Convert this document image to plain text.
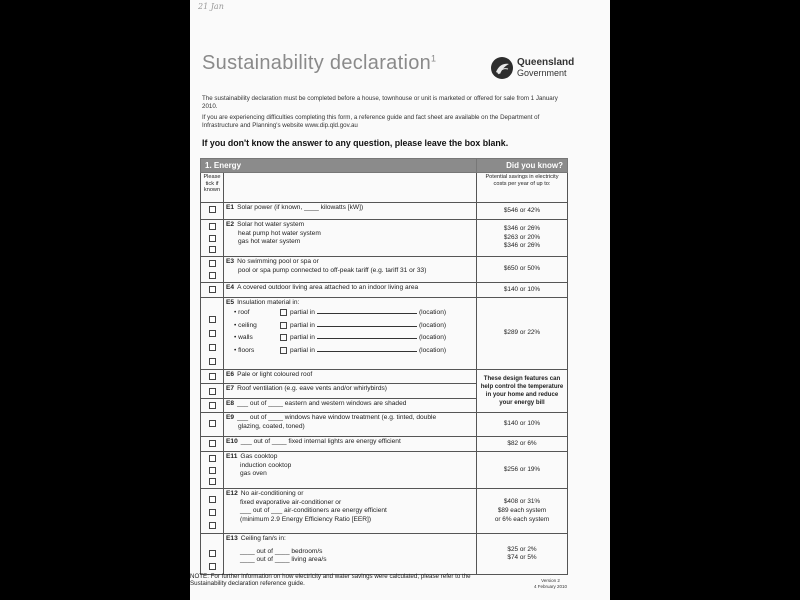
21 Jan
Sustainability declaration$^1$	Queensland
Government

The sustainability declaration must be completed before a house, townhouse or unit is marketed or offered for sale from 1 January 2010.

If you are experiencing difficulties completing this form, a reference guide and fact sheet are available on the Department of Infrastructure and Planning's website www.dip.qld.gov.au

If you don't know the answer to any question, please leave the box blank.
1. Energy		Did you know?
Please tick if known		Potential savings in electricity costs per year of up to:

	E1 Solar power (if known, ____ kilowatts [kW])	$546 or 42%

	E2 Solar hot water system
heat pump hot water system
gas hot water system	$346 or 26%
$263 or 20%
$346 or 26%

	E3 No swimming pool or spa or
pool or spa pump connected to off-peak tariff (e.g. tariff 31 or 33)	$650 or 50%

	E4 A covered outdoor living area attached to an indoor living area	$140 or 10%

	E5 Insulation material in:
• roof partial in (location)
• ceiling partial in (location)
• walls partial in (location)
• floors partial in (location)	$289 or 22%

	E6 Pale or light coloured roof	These design features can help control the temperature in your home and reduce your energy bill

	E7 Roof ventilation (e.g. eave vents and/or whirlybirds)	

	E8 ___ out of ____ eastern and western windows are shaded	

	E9 ___ out of ____ windows have window treatment (e.g. tinted, double
glazing, coated, toned)	$140 or 10%

	E10 ___ out of ____ fixed internal lights are energy efficient	$82 or 6%

	E11 Gas cooktop
induction cooktop
gas oven	$256 or 19%

	E12 No air-conditioning or
fixed evaporative air-conditioner or
___ out of ___ air-conditioners are energy efficient
(minimum 2.9 Energy Efficiency Ratio [EER])	$408 or 31%
$89 each system
or 6% each system

	E13 Ceiling fan/s in:
____ out of ____ bedroom/s
____ out of ____ living area/s	$25 or 2%
$74 or 5%
NOTE: For further information on how electricity and water savings were calculated, please refer to the Sustainability declaration reference guide.	Version 2
4 February 2010
